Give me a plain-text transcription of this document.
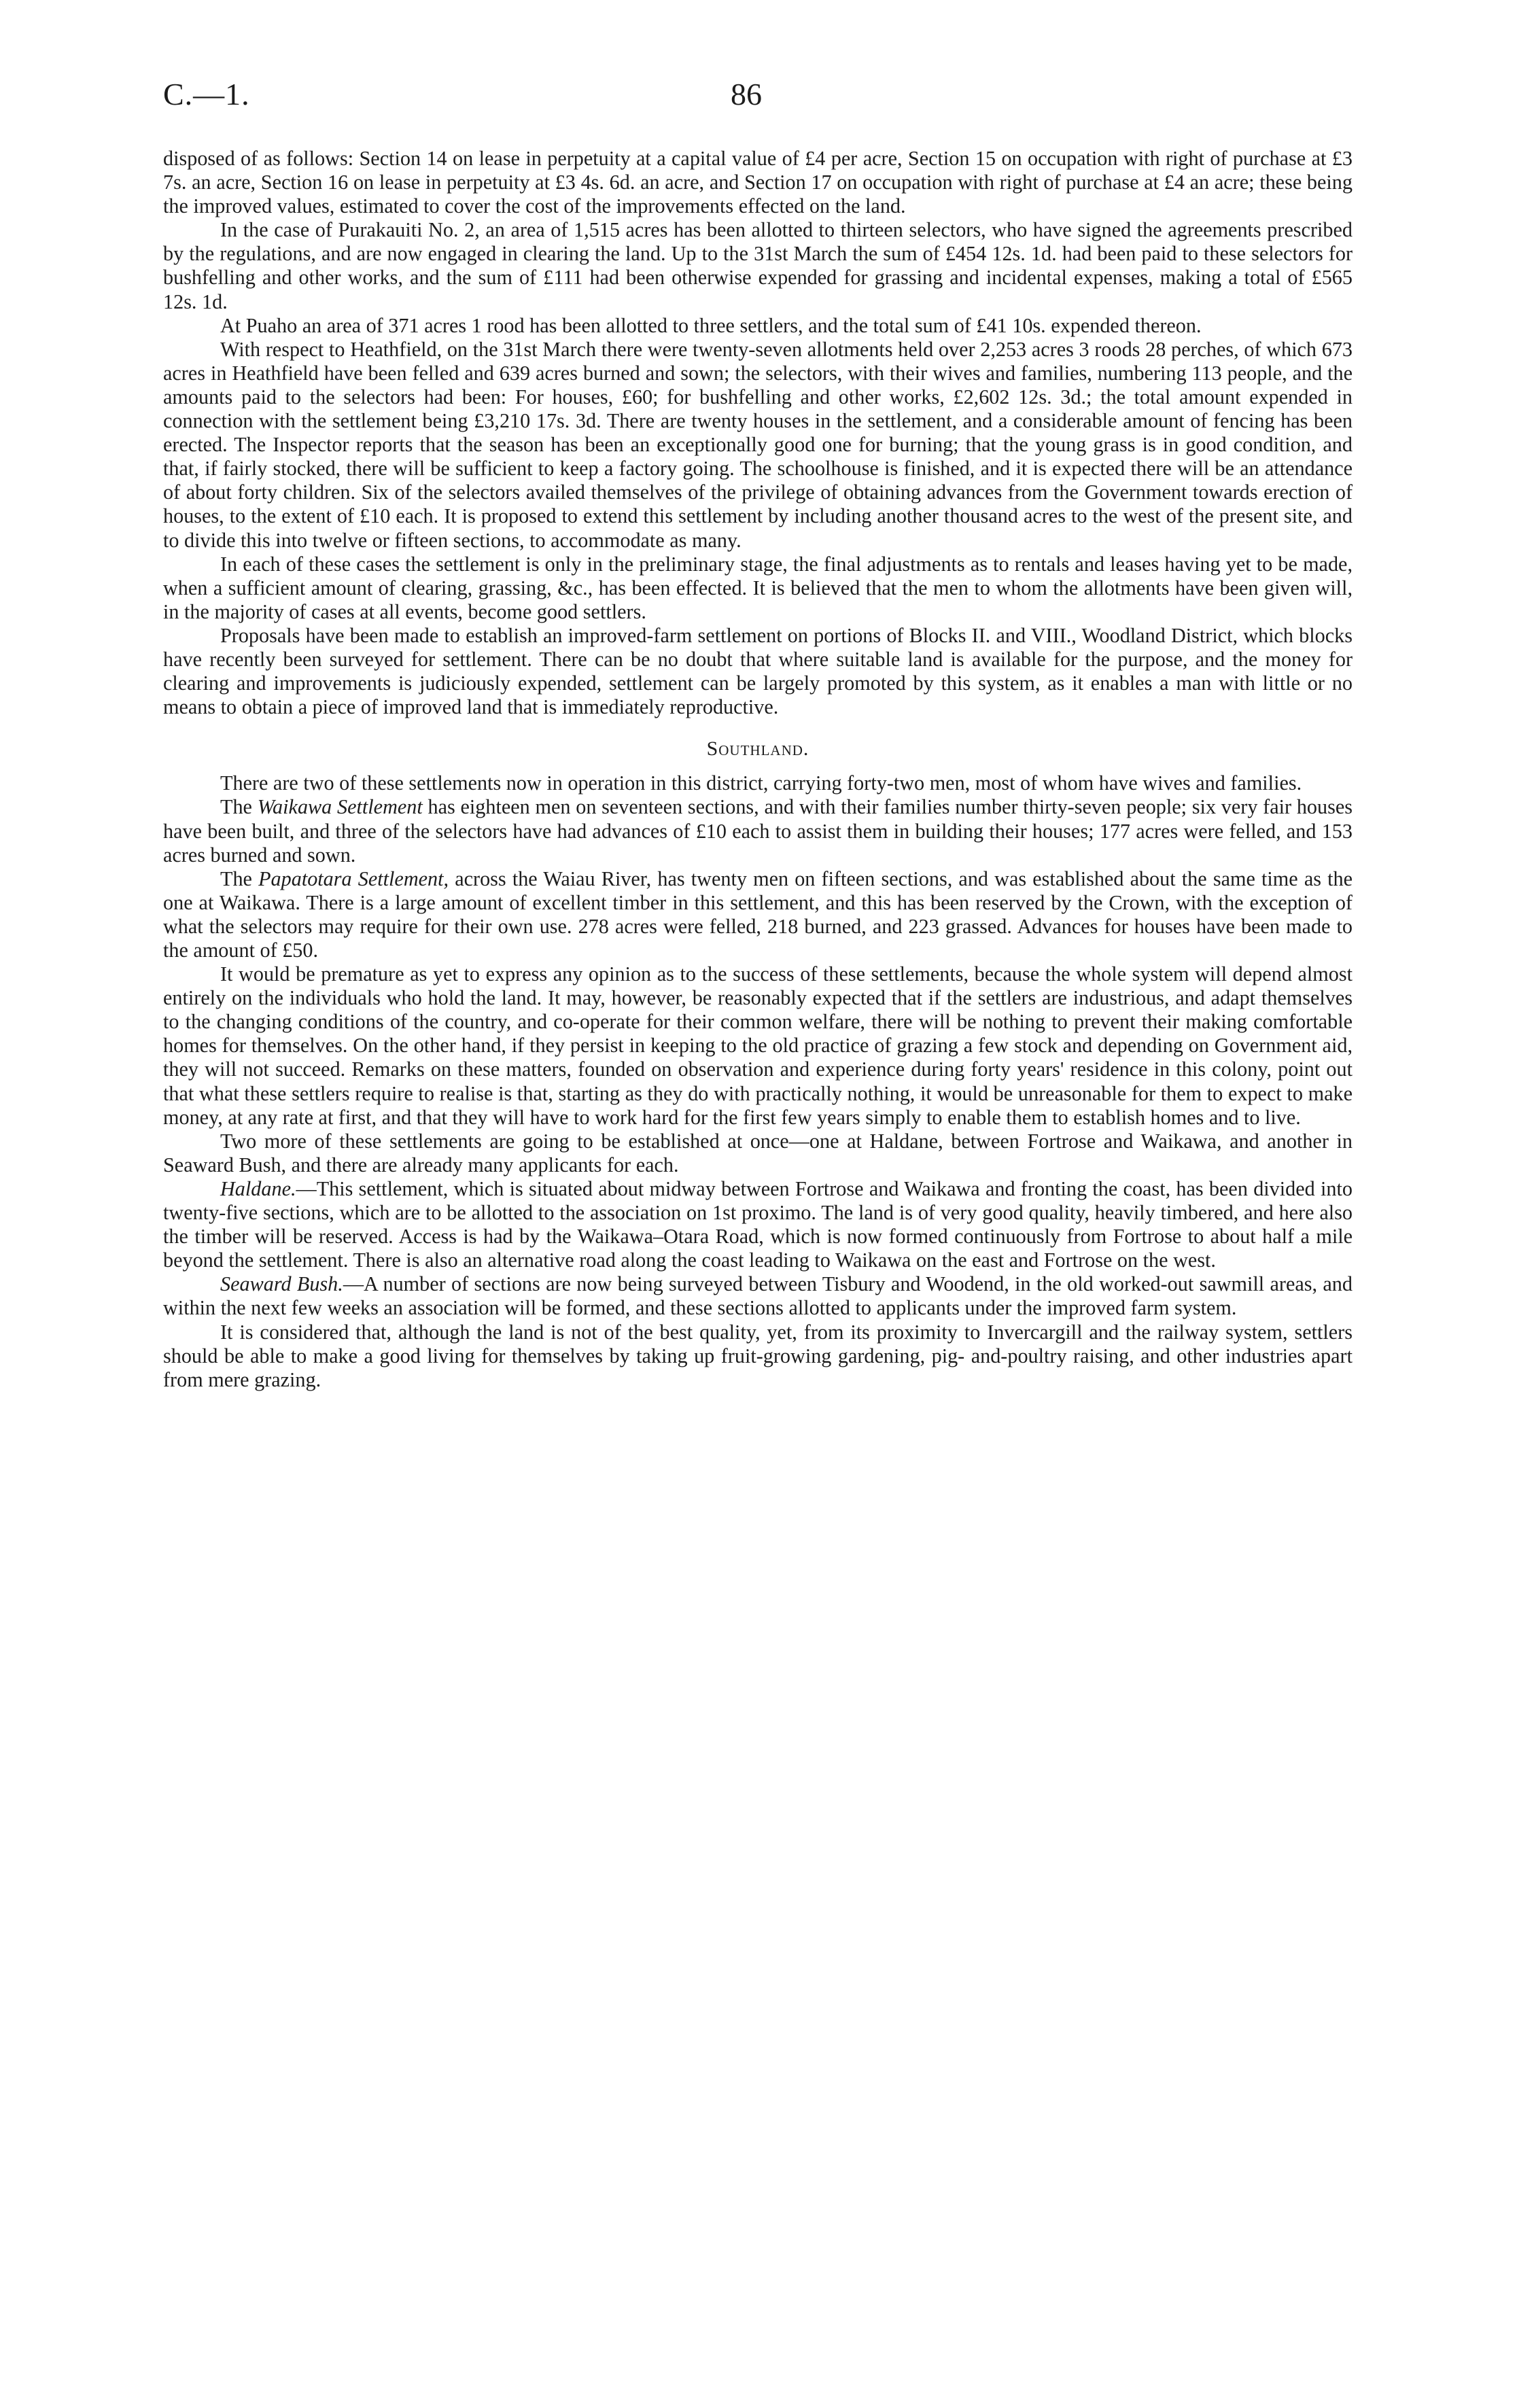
C.—1.	86

disposed of as follows: Section 14 on lease in perpetuity at a capital value of £4 per acre, Section 15 on occupation with right of purchase at £3 7s. an acre, Section 16 on lease in perpetuity at £3 4s. 6d. an acre, and Section 17 on occupation with right of purchase at £4 an acre; these being the improved values, estimated to cover the cost of the improvements effected on the land.

In the case of Purakauiti No. 2, an area of 1,515 acres has been allotted to thirteen selectors, who have signed the agreements prescribed by the regulations, and are now engaged in clearing the land. Up to the 31st March the sum of £454 12s. 1d. had been paid to these selectors for bushfelling and other works, and the sum of £111 had been otherwise expended for grassing and incidental expenses, making a total of £565 12s. 1d.

At Puaho an area of 371 acres 1 rood has been allotted to three settlers, and the total sum of £41 10s. expended thereon.

With respect to Heathfield, on the 31st March there were twenty-seven allotments held over 2,253 acres 3 roods 28 perches, of which 673 acres in Heathfield have been felled and 639 acres burned and sown; the selectors, with their wives and families, numbering 113 people, and the amounts paid to the selectors had been: For houses, £60; for bushfelling and other works, £2,602 12s. 3d.; the total amount expended in connection with the settlement being £3,210 17s. 3d. There are twenty houses in the settlement, and a considerable amount of fencing has been erected. The Inspector reports that the season has been an exceptionally good one for burning; that the young grass is in good condition, and that, if fairly stocked, there will be sufficient to keep a factory going. The schoolhouse is finished, and it is expected there will be an attendance of about forty children. Six of the selectors availed themselves of the privilege of obtaining advances from the Government towards erection of houses, to the extent of £10 each. It is proposed to extend this settlement by including another thousand acres to the west of the present site, and to divide this into twelve or fifteen sections, to accommodate as many.

In each of these cases the settlement is only in the preliminary stage, the final adjustments as to rentals and leases having yet to be made, when a sufficient amount of clearing, grassing, &c., has been effected. It is believed that the men to whom the allotments have been given will, in the majority of cases at all events, become good settlers.

Proposals have been made to establish an improved-farm settlement on portions of Blocks II. and VIII., Woodland District, which blocks have recently been surveyed for settlement. There can be no doubt that where suitable land is available for the purpose, and the money for clearing and improvements is judiciously expended, settlement can be largely promoted by this system, as it enables a man with little or no means to obtain a piece of improved land that is immediately reproductive.

Southland.

There are two of these settlements now in operation in this district, carrying forty-two men, most of whom have wives and families.

The Waikawa Settlement has eighteen men on seventeen sections, and with their families number thirty-seven people; six very fair houses have been built, and three of the selectors have had advances of £10 each to assist them in building their houses; 177 acres were felled, and 153 acres burned and sown.

The Papatotara Settlement, across the Waiau River, has twenty men on fifteen sections, and was established about the same time as the one at Waikawa. There is a large amount of excellent timber in this settlement, and this has been reserved by the Crown, with the exception of what the selectors may require for their own use. 278 acres were felled, 218 burned, and 223 grassed. Advances for houses have been made to the amount of £50.

It would be premature as yet to express any opinion as to the success of these settlements, because the whole system will depend almost entirely on the individuals who hold the land. It may, however, be reasonably expected that if the settlers are industrious, and adapt themselves to the changing conditions of the country, and co-operate for their common welfare, there will be nothing to prevent their making comfortable homes for themselves. On the other hand, if they persist in keeping to the old practice of grazing a few stock and depending on Government aid, they will not succeed. Remarks on these matters, founded on observation and experience during forty years' residence in this colony, point out that what these settlers require to realise is that, starting as they do with practically nothing, it would be unreasonable for them to expect to make money, at any rate at first, and that they will have to work hard for the first few years simply to enable them to establish homes and to live.

Two more of these settlements are going to be established at once—one at Haldane, between Fortrose and Waikawa, and another in Seaward Bush, and there are already many applicants for each.

Haldane.—This settlement, which is situated about midway between Fortrose and Waikawa and fronting the coast, has been divided into twenty-five sections, which are to be allotted to the association on 1st proximo. The land is of very good quality, heavily timbered, and here also the timber will be reserved. Access is had by the Waikawa–Otara Road, which is now formed continuously from Fortrose to about half a mile beyond the settlement. There is also an alternative road along the coast leading to Waikawa on the east and Fortrose on the west.

Seaward Bush.—A number of sections are now being surveyed between Tisbury and Woodend, in the old worked-out sawmill areas, and within the next few weeks an association will be formed, and these sections allotted to applicants under the improved farm system.

It is considered that, although the land is not of the best quality, yet, from its proximity to Invercargill and the railway system, settlers should be able to make a good living for themselves by taking up fruit-growing gardening, pig- and-poultry raising, and other industries apart from mere grazing.
